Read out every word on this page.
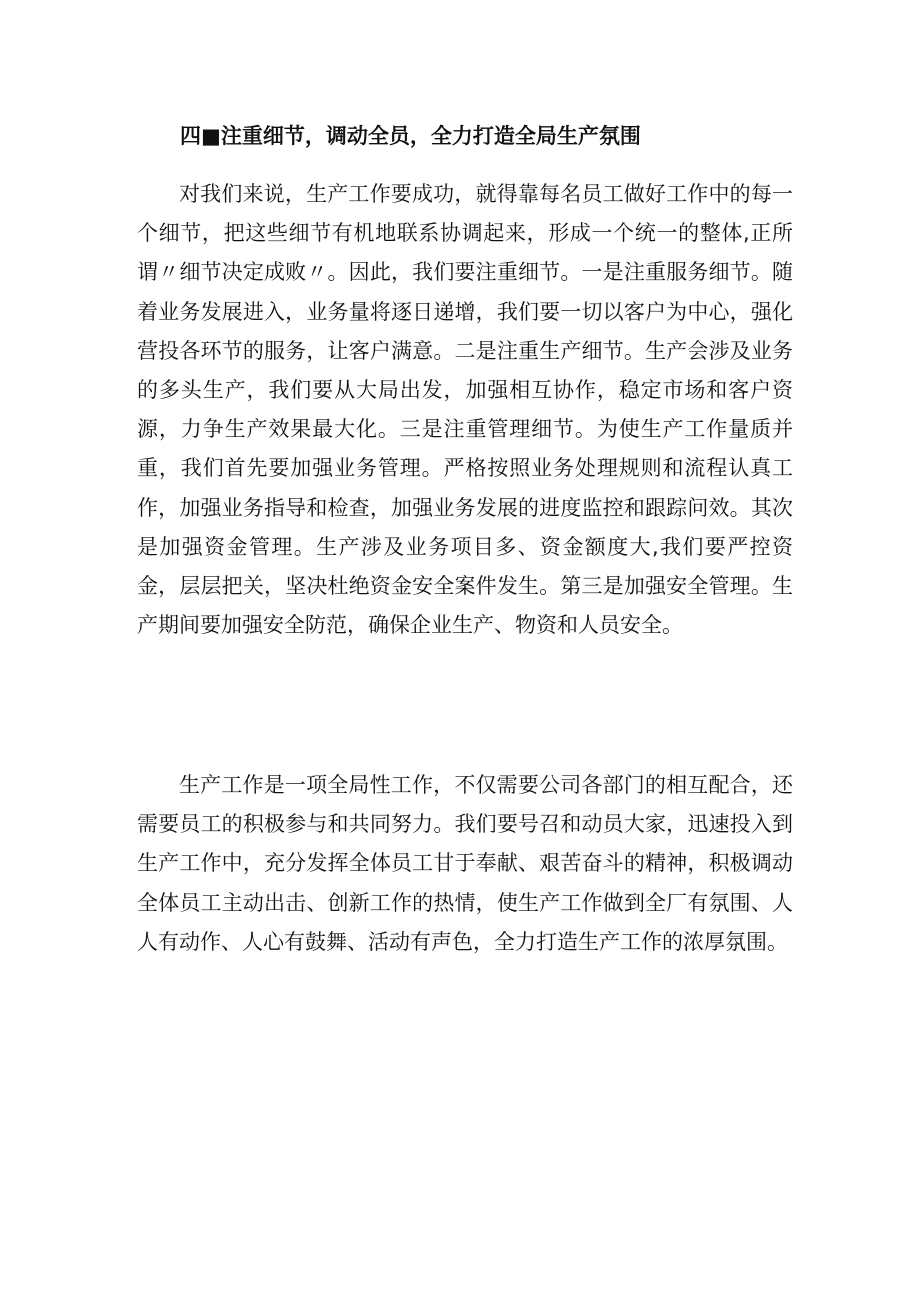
四■注重细节，调动全员，全力打造全局生产氛围

对我们来说，生产工作要成功，就得靠每名员工做好工作中的每一个细节，把这些细节有机地联系协调起来，形成一个统一的整体,正所谓〃细节决定成败〃。因此，我们要注重细节。一是注重服务细节。随着业务发展进入，业务量将逐日递增，我们要一切以客户为中心，强化营投各环节的服务，让客户满意。二是注重生产细节。生产会涉及业务的多头生产，我们要从大局出发，加强相互协作，稳定市场和客户资源，力争生产效果最大化。三是注重管理细节。为使生产工作量质并重，我们首先要加强业务管理。严格按照业务处理规则和流程认真工作，加强业务指导和检查，加强业务发展的进度监控和跟踪问效。其次是加强资金管理。生产涉及业务项目多、资金额度大,我们要严控资金，层层把关，坚决杜绝资金安全案件发生。第三是加强安全管理。生产期间要加强安全防范，确保企业生产、物资和人员安全。

生产工作是一项全局性工作，不仅需要公司各部门的相互配合，还需要员工的积极参与和共同努力。我们要号召和动员大家，迅速投入到生产工作中，充分发挥全体员工甘于奉献、艰苦奋斗的精神，积极调动全体员工主动出击、创新工作的热情，使生产工作做到全厂有氛围、人人有动作、人心有鼓舞、活动有声色，全力打造生产工作的浓厚氛围。
